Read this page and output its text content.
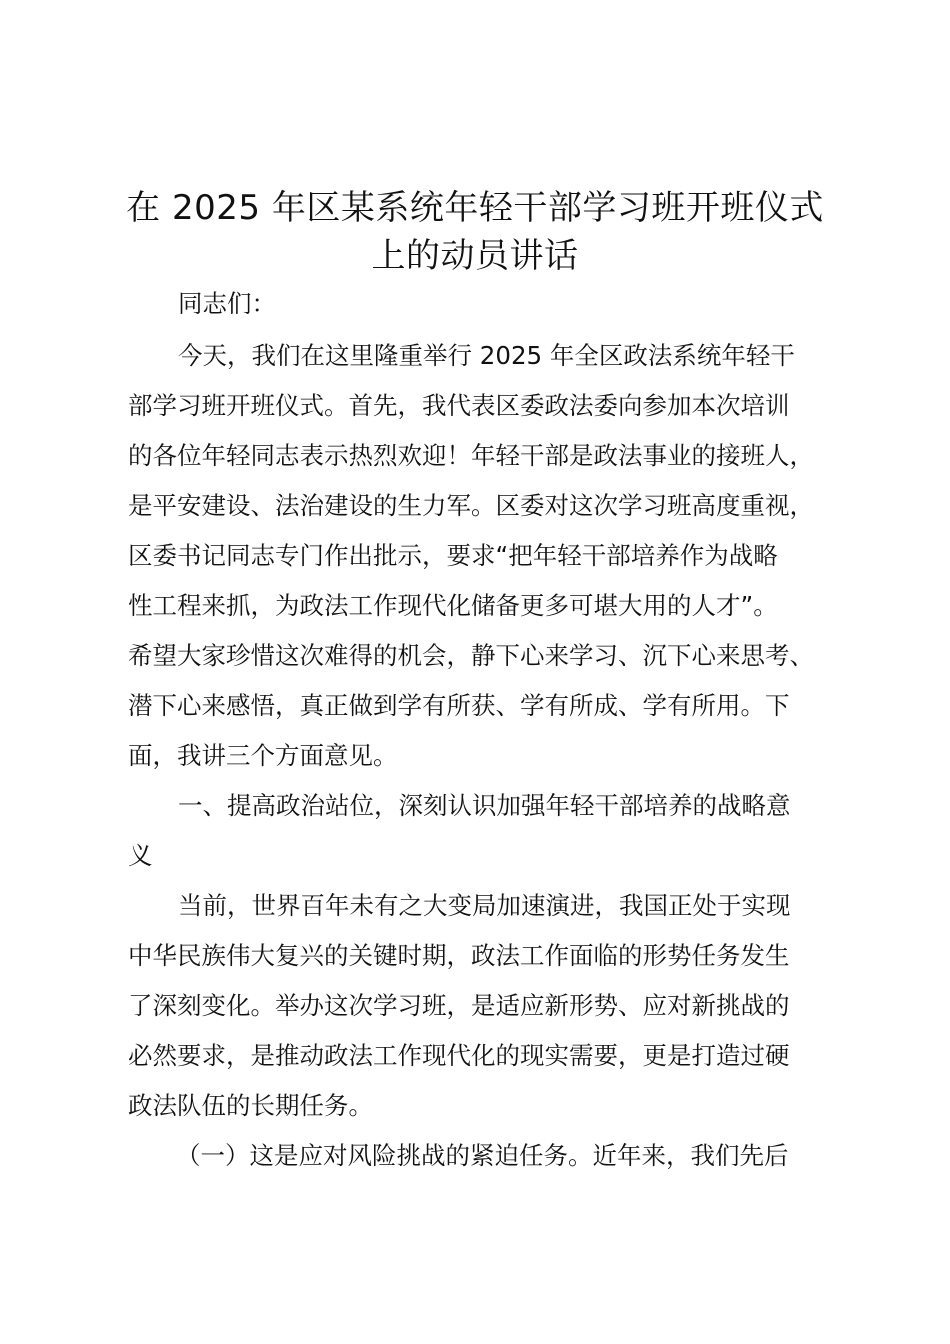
在 2025 年区某系统年轻干部学习班开班仪式
上的动员讲话
同志们：
今天，我们在这里隆重举行 2025 年全区政法系统年轻干
部学习班开班仪式。首先，我代表区委政法委向参加本次培训
的各位年轻同志表示热烈欢迎！年轻干部是政法事业的接班人，
是平安建设、法治建设的生力军。区委对这次学习班高度重视，
区委书记同志专门作出批示，要求“把年轻干部培养作为战略
性工程来抓，为政法工作现代化储备更多可堪大用的人才”。
希望大家珍惜这次难得的机会，静下心来学习、沉下心来思考、
潜下心来感悟，真正做到学有所获、学有所成、学有所用。下
面，我讲三个方面意见。
一、提高政治站位，深刻认识加强年轻干部培养的战略意
义
当前，世界百年未有之大变局加速演进，我国正处于实现
中华民族伟大复兴的关键时期，政法工作面临的形势任务发生
了深刻变化。举办这次学习班，是适应新形势、应对新挑战的
必然要求，是推动政法工作现代化的现实需要，更是打造过硬
政法队伍的长期任务。
（一）这是应对风险挑战的紧迫任务。近年来，我们先后
